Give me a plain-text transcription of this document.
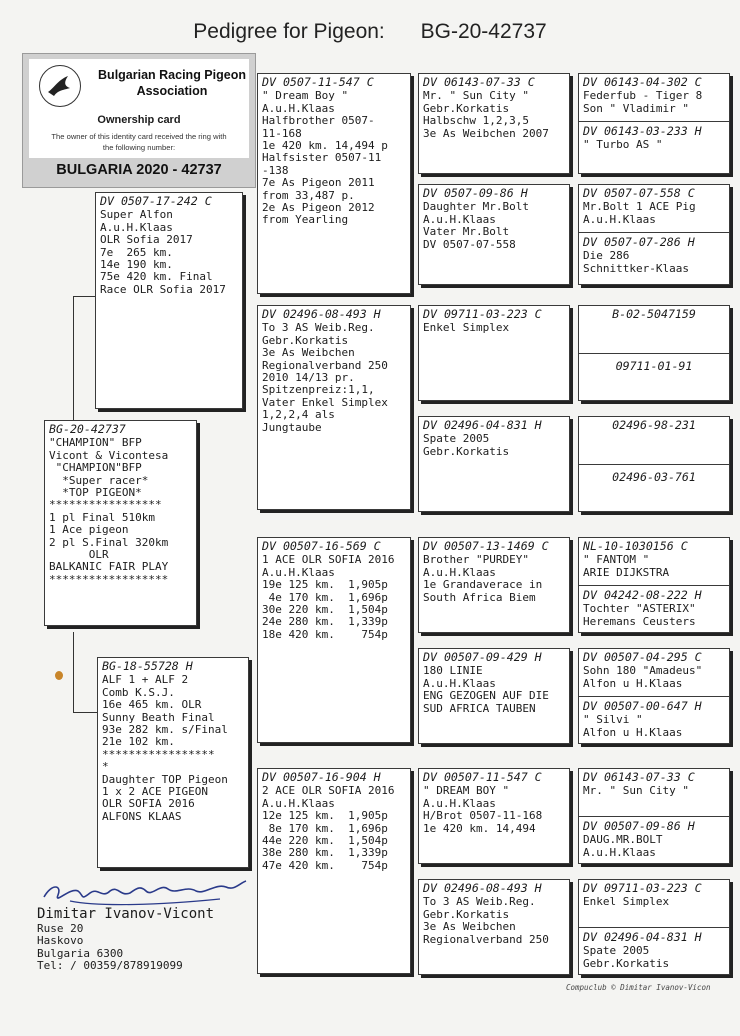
Pedigree for Pigeon: BG-20-42737
Bulgarian Racing Pigeon
Association
Ownership card
The owner of this identity card received the ring with
the following number:
BULGARIA 2020 - 42737
BG-20-42737
"CHAMPION" BFP
Vicont & Vicontesa
"CHAMPION"BFP
*Super racer*
*TOP PIGEON*
*****************
1 pl Final 510km
1 Ace pigeon
2 pl S.Final 320km
OLR
BALKANIC FAIR PLAY
******************
DV 0507-17-242 C
Super Alfon
A.u.H.Klaas
OLR Sofia 2017
7e  265 km.
14e 190 km.
75e 420 km. Final
Race OLR Sofia 2017
BG-18-55728 H
ALF 1 + ALF 2
Comb K.S.J.
16e 465 km. OLR
Sunny Beath Final
93e 282 km. s/Final
21e 102 km.
*****************
*
Daughter TOP Pigeon
1 x 2 ACE PIGEON
OLR SOFIA 2016
ALFONS KLAAS
DV 0507-11-547 C
" Dream Boy "
A.u.H.Klaas
Halfbrother 0507-
11-168
1e 420 km. 14,494 p
Halfsister 0507-11
-138
7e As Pigeon 2011
from 33,487 p.
2e As Pigeon 2012
from Yearling
DV 02496-08-493 H
To 3 AS Weib.Reg.
Gebr.Korkatis
3e As Weibchen
Regionalverband 250
2010 14/13 pr.
Spitzenpreiz:1,1,
Vater Enkel Simplex
1,2,2,4 als
Jungtaube
DV 00507-16-569 C
1 ACE OLR SOFIA 2016
A.u.H.Klaas
19e 125 km.  1,905p
4e 170 km.  1,696p
30e 220 km.  1,504p
24e 280 km.  1,339p
18e 420 km.    754p
DV 00507-16-904 H
2 ACE OLR SOFIA 2016
A.u.H.Klaas
12e 125 km.  1,905p
8e 170 km.  1,696p
44e 220 km.  1,504p
38e 280 km.  1,339p
47e 420 km.    754p
DV 06143-07-33 C
Mr. " Sun City "
Gebr.Korkatis
Halbschw 1,2,3,5
3e As Weibchen 2007
DV 0507-09-86 H
Daughter Mr.Bolt
A.u.H.Klaas
Vater Mr.Bolt
DV 0507-07-558
DV 09711-03-223 C
Enkel Simplex
DV 02496-04-831 H
Spate 2005
Gebr.Korkatis
DV 00507-13-1469 C
Brother "PURDEY"
A.u.H.Klaas
1e Grandaverace in
South Africa Biem
DV 00507-09-429 H
180 LINIE
A.u.H.Klaas
ENG GEZOGEN AUF DIE
SUD AFRICA TAUBEN
DV 00507-11-547 C
" DREAM BOY "
A.u.H.Klaas
H/Brot 0507-11-168
1e 420 km. 14,494
DV 02496-08-493 H
To 3 AS Weib.Reg.
Gebr.Korkatis
3e As Weibchen
Regionalverband 250
DV 06143-04-302 C
Federfub - Tiger 8
Son " Vladimir "
DV 06143-03-233 H
" Turbo AS "
DV 0507-07-558 C
Mr.Bolt 1 ACE Pig
A.u.H.Klaas
DV 0507-07-286 H
Die 286
Schnittker-Klaas
B-02-5047159
09711-01-91
02496-98-231
02496-03-761
NL-10-1030156 C
" FANTOM "
ARIE DIJKSTRA
DV 04242-08-222 H
Tochter "ASTERIX"
Heremans Ceusters
DV 00507-04-295 C
Sohn 180 "Amadeus"
Alfon u H.Klaas
DV 00507-00-647 H
" Silvi "
Alfon u H.Klaas
DV 06143-07-33 C
Mr. " Sun City "
DV 00507-09-86 H
DAUG.MR.BOLT
A.u.H.Klaas
DV 09711-03-223 C
Enkel Simplex
DV 02496-04-831 H
Spate 2005
Gebr.Korkatis
Dimitar Ivanov-Vicont
Ruse 20
Haskovo
Bulgaria 6300
Tel: / 00359/878919099
Compuclub © Dimitar Ivanov-Vicon
